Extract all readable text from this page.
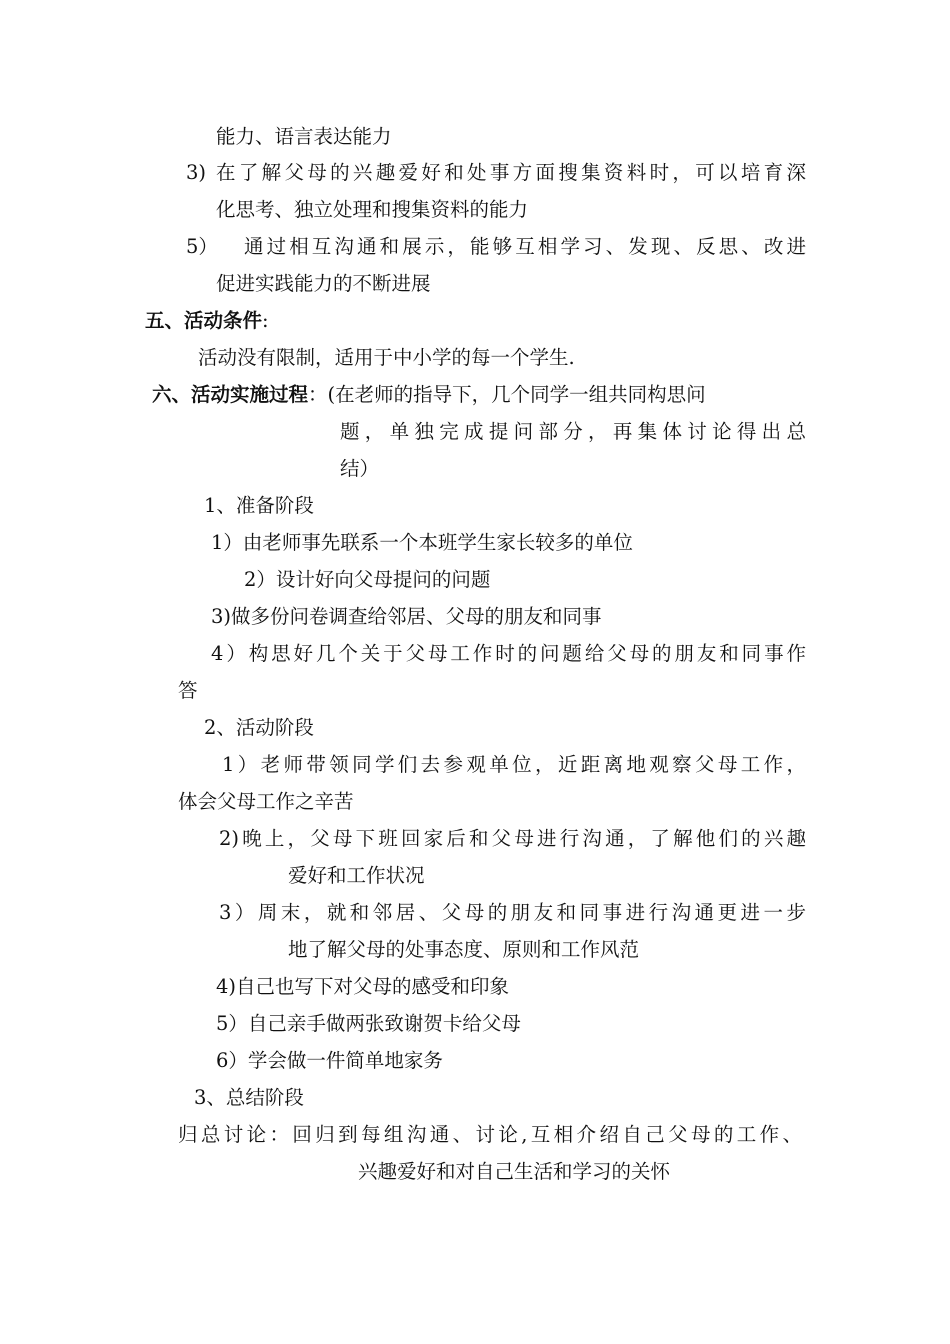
能力、语言表达能力
3) 在了解父母的兴趣爱好和处事方面搜集资料时，可以培育深
化思考、独立处理和搜集资料的能力
5） 通过相互沟通和展示，能够互相学习、发现、反思、改进
促进实践能力的不断进展
五、活动条件:
活动没有限制，适用于中小学的每一个学生.
六、活动实施过程：(在老师的指导下，几个同学一组共同构思问
题，单独完成提问部分，再集体讨论得出总
结）
1、准备阶段
1）由老师事先联系一个本班学生家长较多的单位
2）设计好向父母提问的问题
3)做多份问卷调查给邻居、父母的朋友和同事
4）构思好几个关于父母工作时的问题给父母的朋友和同事作
答
2、活动阶段
1）老师带领同学们去参观单位，近距离地观察父母工作，
体会父母工作之辛苦
2)晚上，父母下班回家后和父母进行沟通，了解他们的兴趣
爱好和工作状况
3）周末，就和邻居、父母的朋友和同事进行沟通更进一步
地了解父母的处事态度、原则和工作风范
4)自己也写下对父母的感受和印象
5）自己亲手做两张致谢贺卡给父母
6）学会做一件简单地家务
3、总结阶段
归总讨论：回归到每组沟通、讨论,互相介绍自己父母的工作、
兴趣爱好和对自己生活和学习的关怀
